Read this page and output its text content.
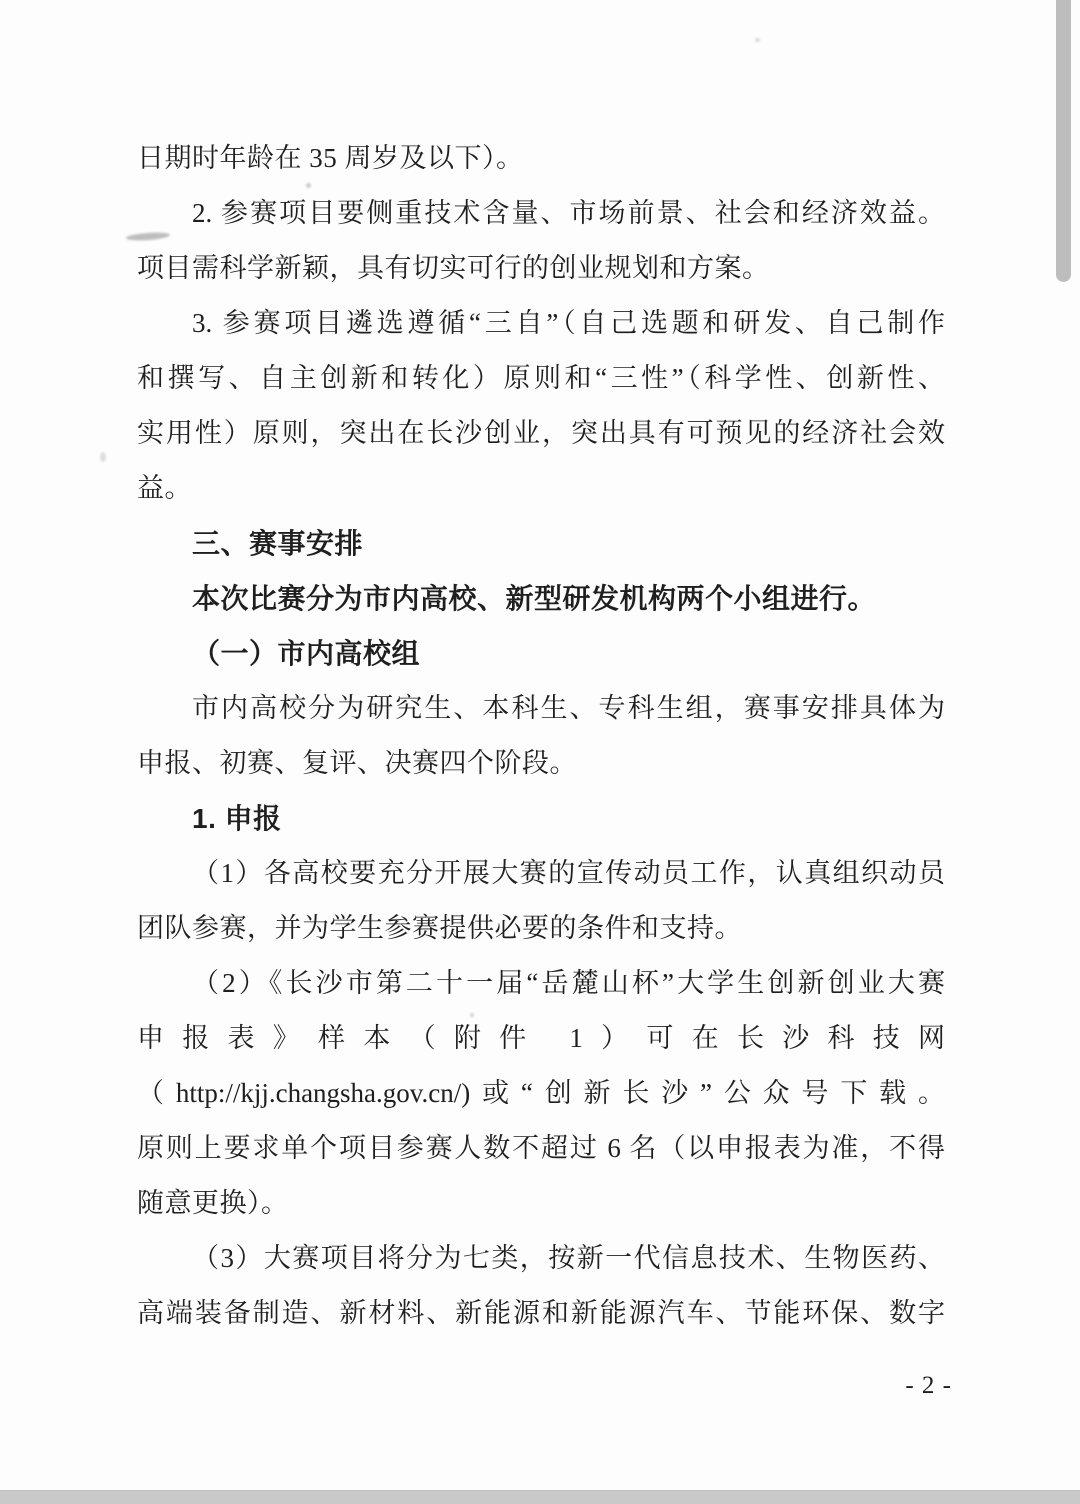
日期时年龄在 35 周岁及以下）。
2. 参赛项目要侧重技术含量、市场前景、社会和经济效益。
项目需科学新颖，具有切实可行的创业规划和方案。
3. 参赛项目遴选遵循“三自”（自己选题和研发、自己制作
和撰写、自主创新和转化）原则和“三性”（科学性、创新性、
实用性）原则，突出在长沙创业，突出具有可预见的经济社会效
益。
三、赛事安排
本次比赛分为市内高校、新型研发机构两个小组进行。
（一）市内高校组
市内高校分为研究生、本科生、专科生组，赛事安排具体为
申报、初赛、复评、决赛四个阶段。
1. 申报
（1）各高校要充分开展大赛的宣传动员工作，认真组织动员
团队参赛，并为学生参赛提供必要的条件和支持。
（2）《长沙市第二十一届“岳麓山杯”大学生创新创业大赛
申报表》样本（附件 1）可在长沙科技网
（http://kjj.changsha.gov.cn/)或“创新长沙”公众号下载。
原则上要求单个项目参赛人数不超过 6 名（以申报表为准，不得
随意更换）。
（3）大赛项目将分为七类，按新一代信息技术、生物医药、
高端装备制造、新材料、新能源和新能源汽车、节能环保、数字
- 2 -
